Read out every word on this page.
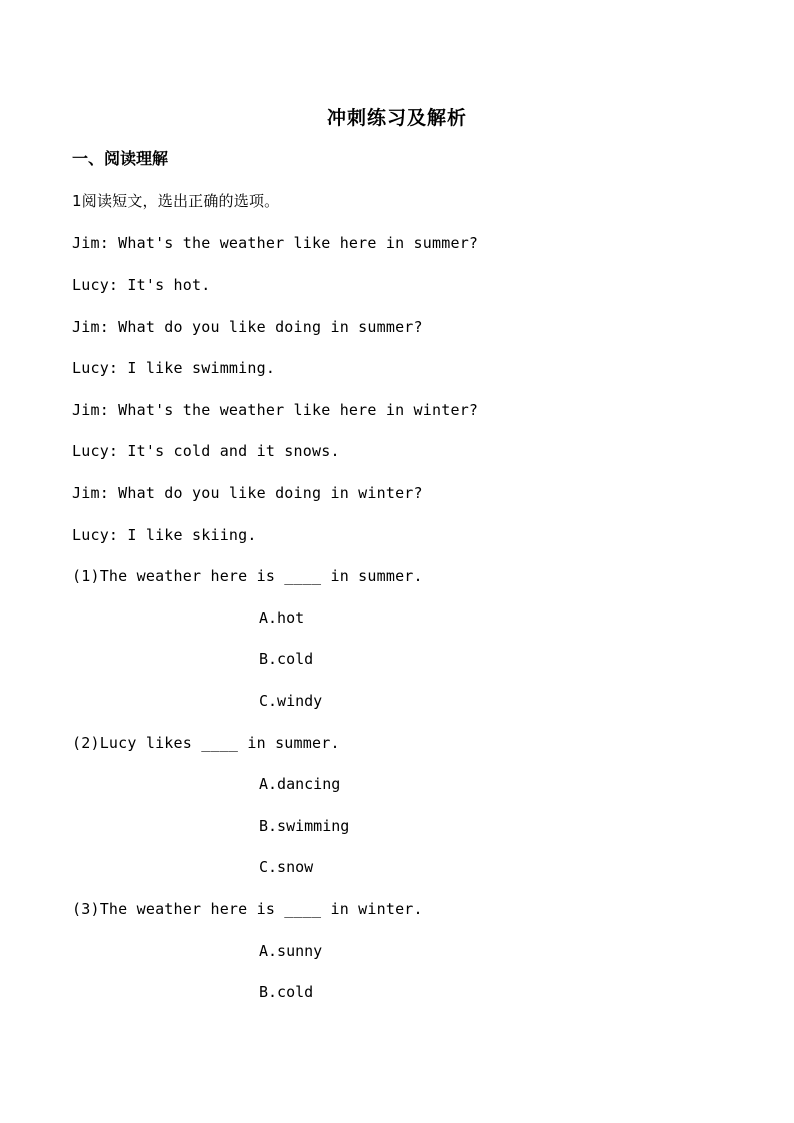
冲刺练习及解析
一、阅读理解
1阅读短文，选出正确的选项。
Jim: What's the weather like here in summer?
Lucy: It's hot.
Jim: What do you like doing in summer?
Lucy: I like swimming.
Jim: What's the weather like here in winter?
Lucy: It's cold and it snows.
Jim: What do you like doing in winter?
Lucy: I like skiing.
(1)The weather here is ____ in summer.
A.hot
B.cold
C.windy
(2)Lucy likes ____ in summer.
A.dancing
B.swimming
C.snow
(3)The weather here is ____ in winter.
A.sunny
B.cold
